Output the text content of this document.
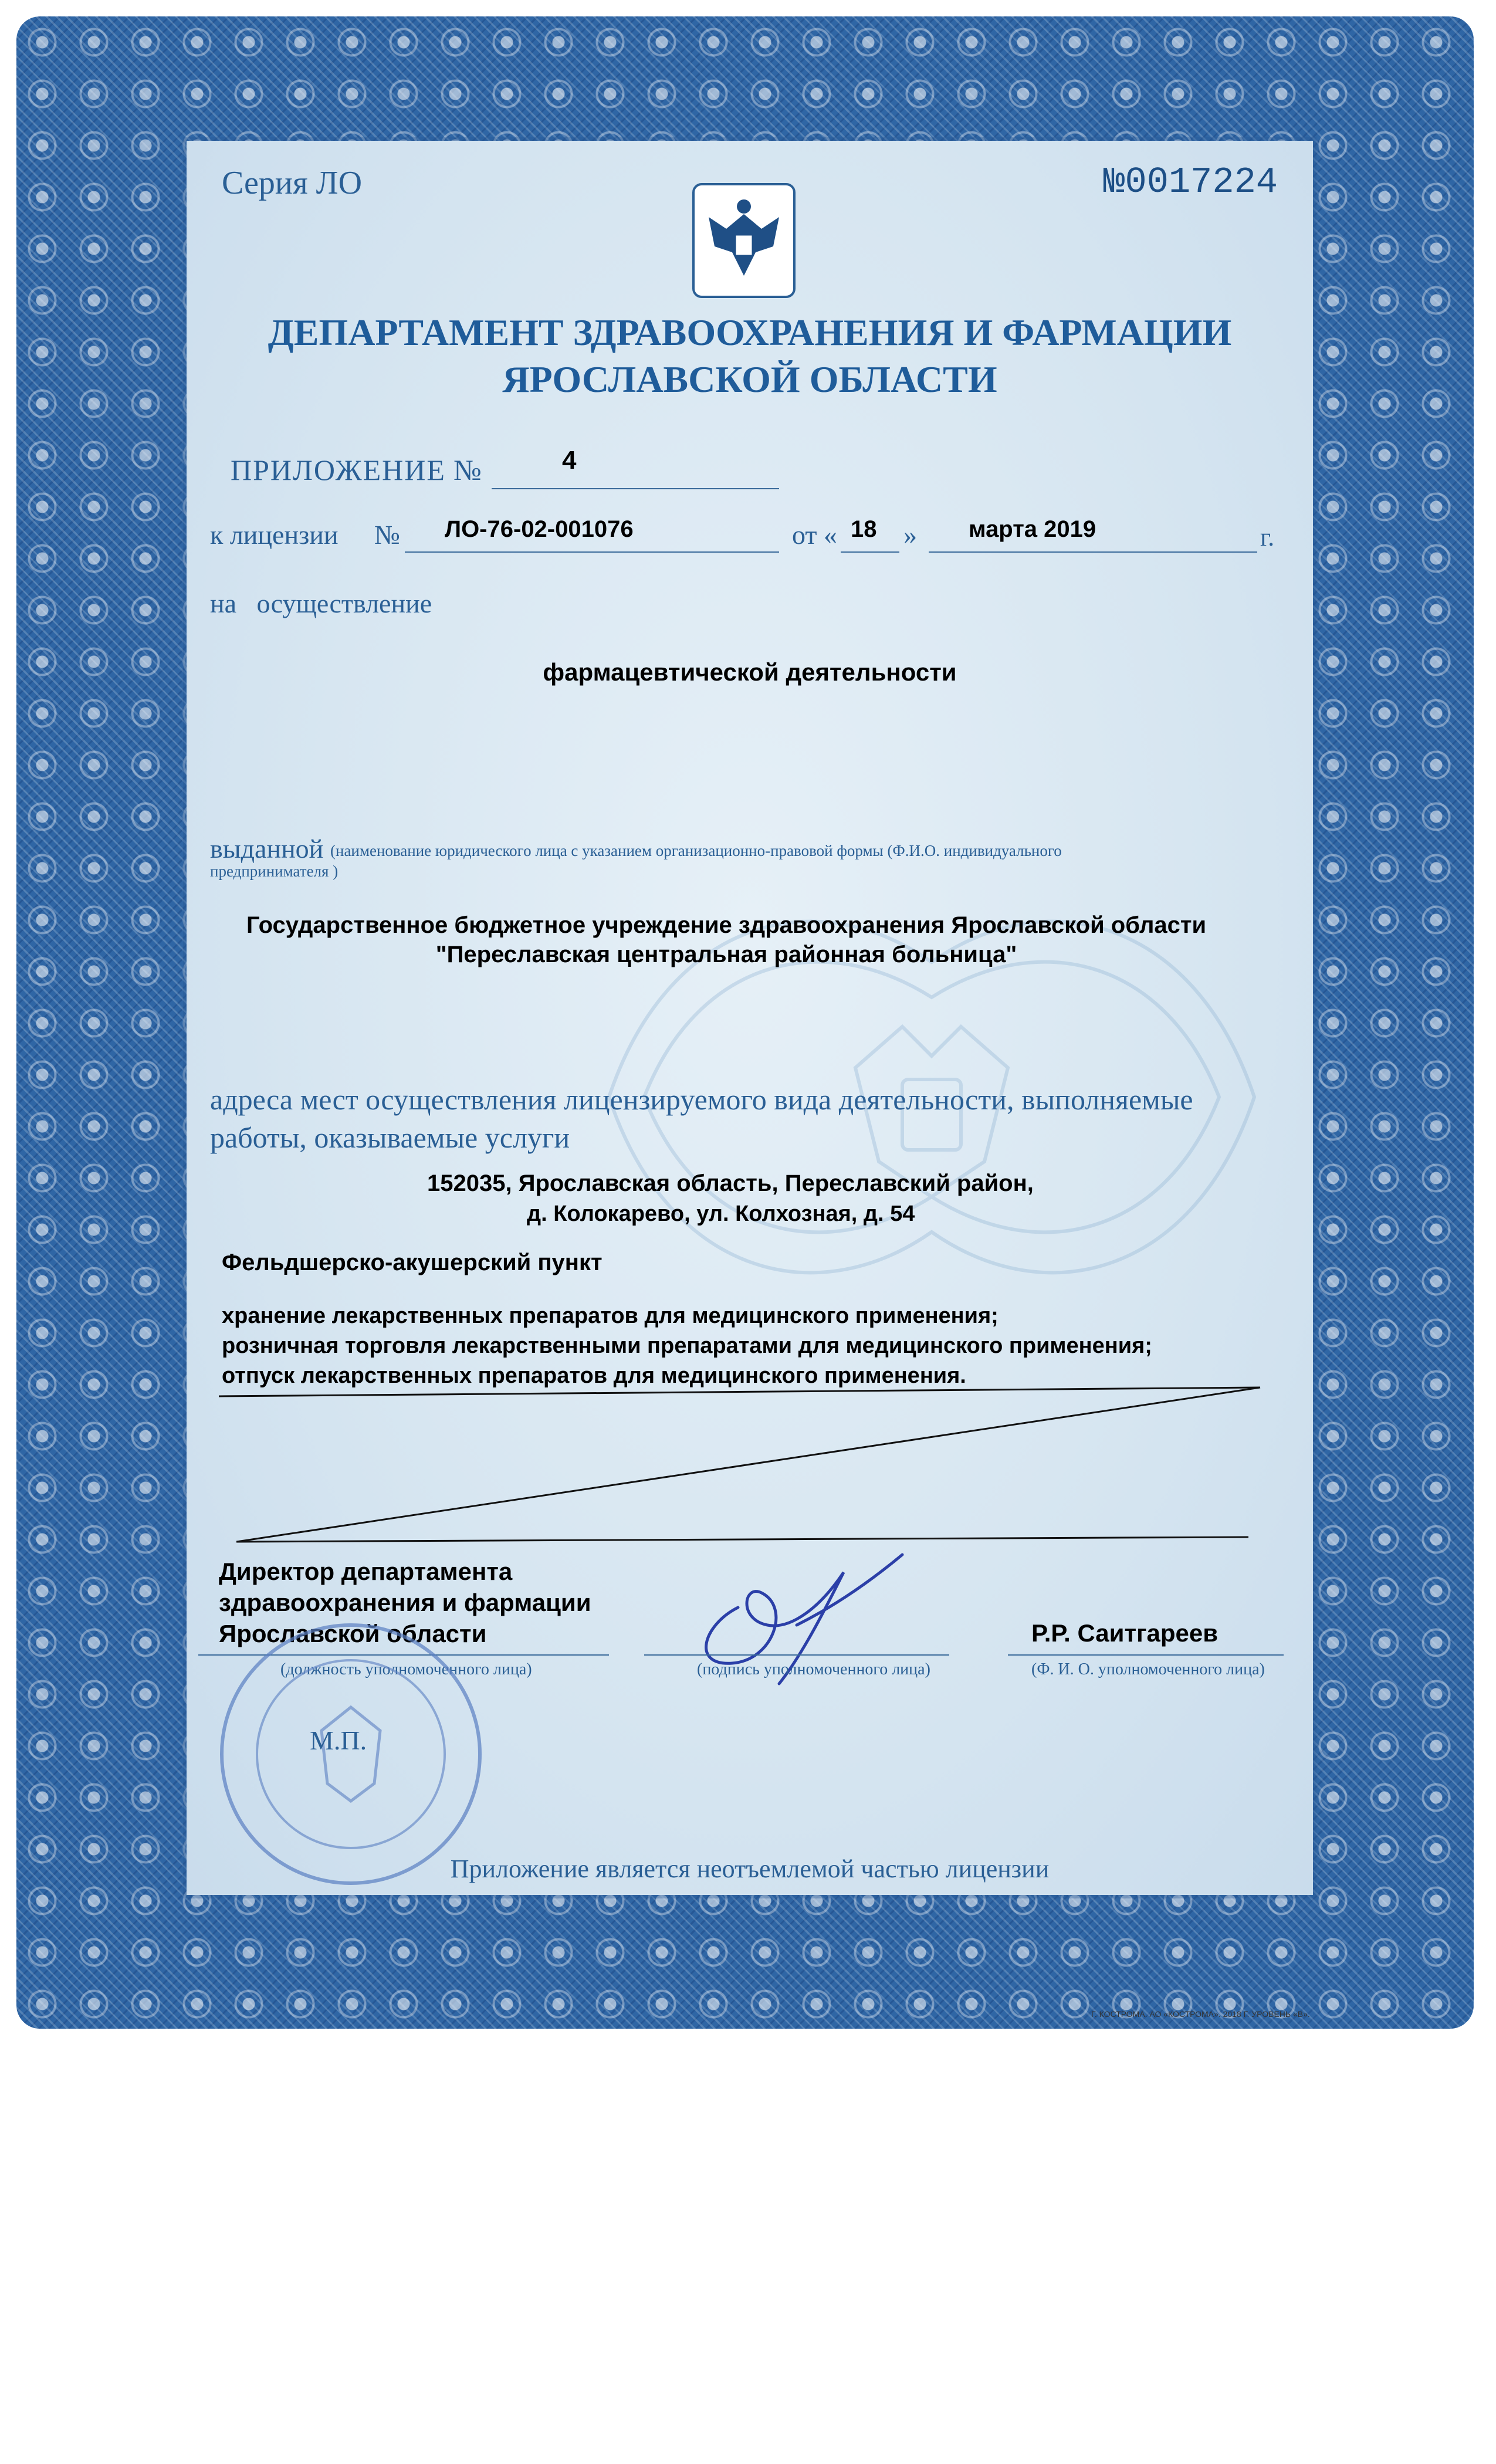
Серия ЛО	№0017224
ДЕПАРТАМЕНТ ЗДРАВООХРАНЕНИЯ И ФАРМАЦИИ
ЯРОСЛАВСКОЙ ОБЛАСТИ
ПРИЛОЖЕНИЕ №	4
к лицензии № ЛО-76-02-001076	от « 18 » марта 2019	г.
на   осуществление
фармацевтической деятельности
выданной (наименование юридического лица с указанием организационно-правовой формы (Ф.И.О. индивидуального
предпринимателя )
Государственное бюджетное учреждение здравоохранения Ярославской области
"Переславская центральная районная больница"
адреса мест осуществления лицензируемого вида деятельности, выполняемые
работы, оказываемые услуги
152035, Ярославская область, Переславский район,
д. Колокарево, ул. Колхозная, д. 54
Фельдшерско-акушерский пункт
хранение лекарственных препаратов для медицинского применения;
розничная торговля лекарственными препаратами для медицинского применения;
отпуск лекарственных препаратов для медицинского применения.
Директор департамента
здравоохранения и фармации
Ярославской области
(должность уполномоченного лица)	(подпись уполномоченного лица)
Р.Р. Саитгареев
(Ф. И. О. уполномоченного лица)
М.П.
Приложение является неотъемлемой частью лицензии
Г. КОСТРОМА. АО «КОСТРОМА». 2018 Г. УРОВЕНЬ «В».
